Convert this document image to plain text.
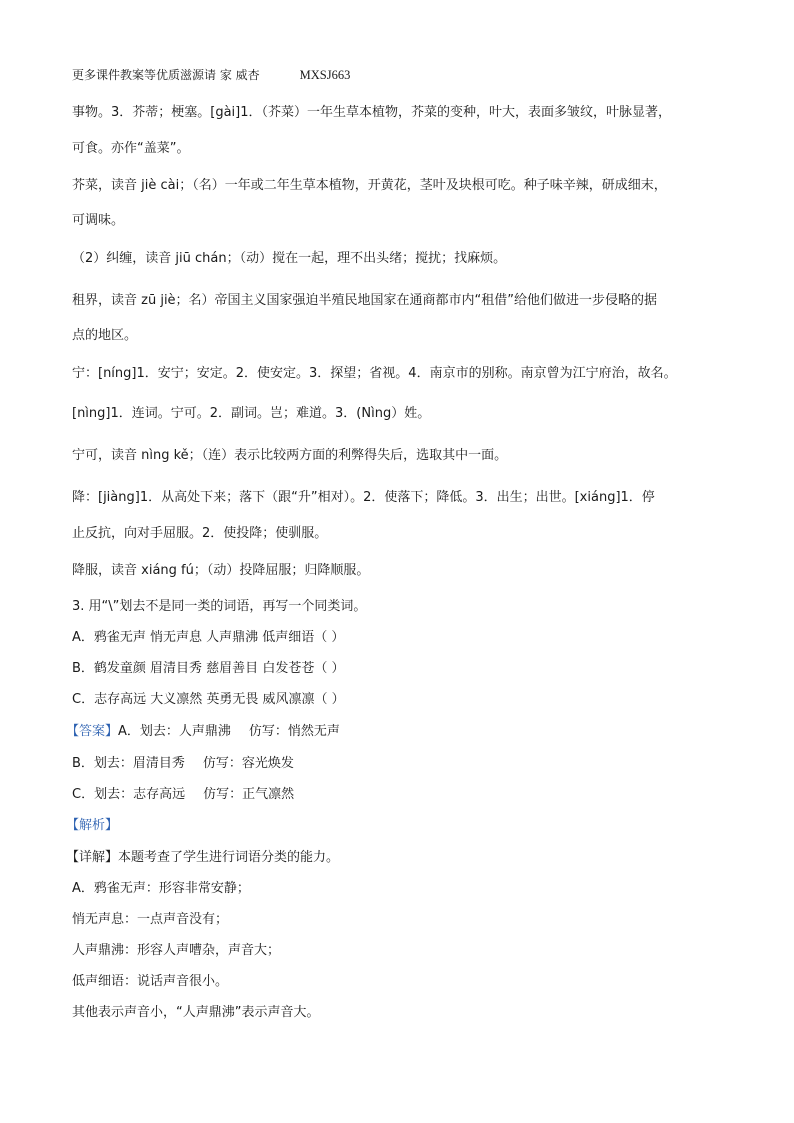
更多课件教案等优质滋源请 家 威杏	MXSJ663
事物。3．芥蒂；梗塞。[gài]1．（芥菜）一年生草本植物，芥菜的变种，叶大，表面多皱纹，叶脉显著，
可食。亦作“盖菜”。
芥菜，读音 jiè cài；（名）一年或二年生草本植物，开黄花，茎叶及块根可吃。种子味辛辣，研成细末，
可调味。
（2）纠缠，读音 jiū chán；（动）搅在一起，理不出头绪；搅扰；找麻烦。
租界，读音 zū jiè；名）帝国主义国家强迫半殖民地国家在通商都市内“租借”给他们做进一步侵略的据
点的地区。
宁：[níng]1．安宁；安定。2．使安定。3．探望；省视。4．南京市的别称。南京曾为江宁府治，故名。
[nìng]1．连词。宁可。2．副词。岂；难道。3．(Nìng）姓。
宁可，读音 nìng kě；（连）表示比较两方面的利弊得失后，选取其中一面。
降：[jiàng]1．从高处下来；落下（跟“升”相对）。2．使落下；降低。3．出生；出世。[xiáng]1．停
止反抗，向对手屈服。2．使投降；使驯服。
降服，读音 xiáng fú；（动）投降屈服；归降顺服。
3. 用“\”划去不是同一类的词语，再写一个同类词。
A．鸦雀无声 悄无声息 人声鼎沸 低声细语（ ）
B．鹤发童颜 眉清目秀 慈眉善目 白发苍苍（ ）
C．志存高远 大义凛然 英勇无畏 威风凛凛（ ）
【答案】A．划去：人声鼎沸 仿写：悄然无声
B．划去：眉清目秀 仿写：容光焕发
C．划去：志存高远 仿写：正气凛然
【解析】
【详解】本题考查了学生进行词语分类的能力。
A．鸦雀无声：形容非常安静；
悄无声息：一点声音没有；
人声鼎沸：形容人声嘈杂，声音大；
低声细语：说话声音很小。
其他表示声音小，“人声鼎沸”表示声音大。
